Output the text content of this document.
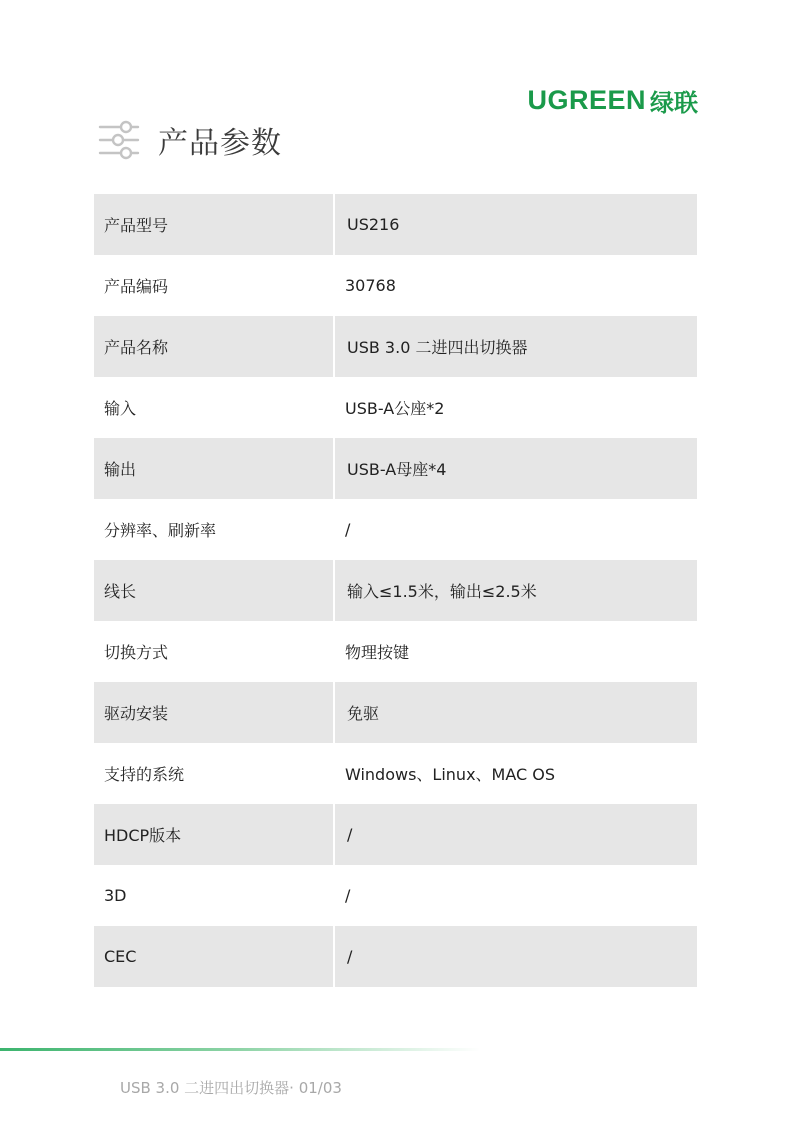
UGREEN 绿联
产品参数
产品型号	US216
产品编码	30768
产品名称	USB 3.0 二进四出切换器
输入	USB-A公座*2
输出	USB-A母座*4
分辨率、刷新率	/
线长	输入≤1.5米，输出≤2.5米
切换方式	物理按键
驱动安装	免驱
支持的系统	Windows、Linux、MAC OS
HDCP版本	/
3D	/
CEC	/
USB 3.0 二进四出切换器· 01/03
